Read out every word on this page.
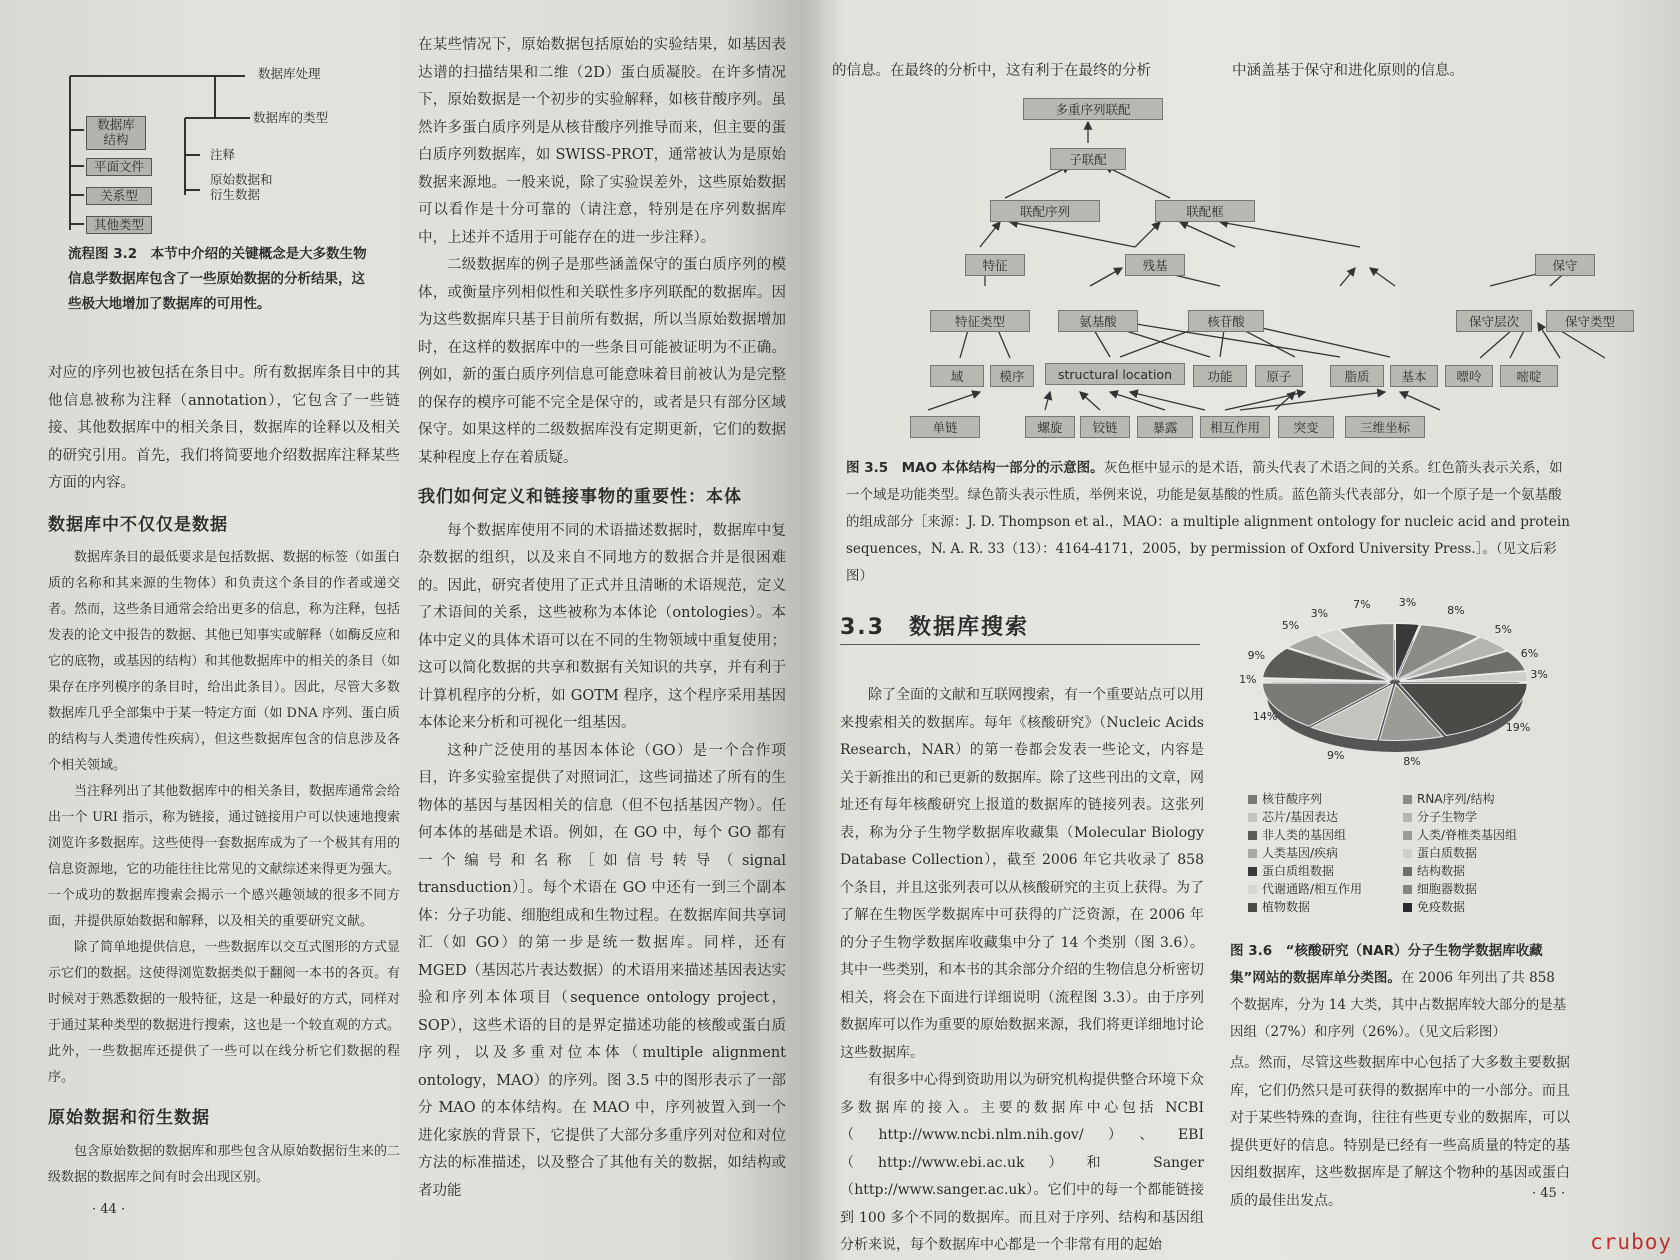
数据库处理
数据库的类型
数据库
结构
平面文件
关系型
其他类型
注释
原始数据和
衍生数据
流程图 3.2　本节中介绍的关键概念是大多数生物信息学数据库包含了一些原始数据的分析结果，这些极大地增加了数据库的可用性。

对应的序列也被包括在条目中。所有数据库条目中的其他信息被称为注释（annotation），它包含了一些链接、其他数据库中的相关条目，数据库的诠释以及相关的研究引用。首先，我们将简要地介绍数据库注释某些方面的内容。

数据库中不仅仅是数据

数据库条目的最低要求是包括数据、数据的标签（如蛋白质的名称和其来源的生物体）和负责这个条目的作者或递交者。然而，这些条目通常会给出更多的信息，称为注释，包括发表的论文中报告的数据、其他已知事实或解释（如酶反应和它的底物，或基因的结构）和其他数据库中的相关的条目（如果存在序列模序的条目时，给出此条目）。因此，尽管大多数数据库几乎全部集中于某一特定方面（如 DNA 序列、蛋白质的结构与人类遗传性疾病），但这些数据库包含的信息涉及各个相关领域。

当注释列出了其他数据库中的相关条目，数据库通常会给出一个 URI 指示，称为链接，通过链接用户可以快速地搜索浏览许多数据库。这些使得一套数据库成为了一个极其有用的信息资源地，它的功能往往比常见的文献综述来得更为强大。一个成功的数据库搜索会揭示一个感兴趣领域的很多不同方面，并提供原始数据和解释，以及相关的重要研究文献。

除了简单地提供信息，一些数据库以交互式图形的方式显示它们的数据。这使得浏览数据类似于翻阅一本书的各页。有时候对于熟悉数据的一般特征，这是一种最好的方式，同样对于通过某种类型的数据进行搜索，这也是一个较直观的方式。此外，一些数据库还提供了一些可以在线分析它们数据的程序。

原始数据和衍生数据

包含原始数据的数据库和那些包含从原始数据衍生来的二级数据的数据库之间有时会出现区别。

· 44 ·

在某些情况下，原始数据包括原始的实验结果，如基因表达谱的扫描结果和二维（2D）蛋白质凝胶。在许多情况下，原始数据是一个初步的实验解释，如核苷酸序列。虽然许多蛋白质序列是从核苷酸序列推导而来，但主要的蛋白质序列数据库，如 SWISS-PROT，通常被认为是原始数据来源地。一般来说，除了实验误差外，这些原始数据可以看作是十分可靠的（请注意，特别是在序列数据库中，上述并不适用于可能存在的进一步注释）。

二级数据库的例子是那些涵盖保守的蛋白质序列的模体，或衡量序列相似性和关联性多序列联配的数据库。因为这些数据库只基于目前所有数据，所以当原始数据增加时，在这样的数据库中的一些条目可能被证明为不正确。例如，新的蛋白质序列信息可能意味着目前被认为是完整的保存的模序可能不完全是保守的，或者是只有部分区域保守。如果这样的二级数据库没有定期更新，它们的数据某种程度上存在着质疑。

我们如何定义和链接事物的重要性：本体

每个数据库使用不同的术语描述数据时，数据库中复杂数据的组织，以及来自不同地方的数据合并是很困难的。因此，研究者使用了正式并且清晰的术语规范，定义了术语间的关系，这些被称为本体论（ontologies）。本体中定义的具体术语可以在不同的生物领域中重复使用；这可以简化数据的共享和数据有关知识的共享，并有利于计算机程序的分析，如 GOTM 程序，这个程序采用基因本体论来分析和可视化一组基因。

这种广泛使用的基因本体论（GO）是一个合作项目，许多实验室提供了对照词汇，这些词描述了所有的生物体的基因与基因相关的信息（但不包括基因产物）。任何本体的基础是术语。例如，在 GO 中，每个 GO 都有一个编号和名称［如信号转导（signal transduction）］。每个术语在 GO 中还有一到三个副本体：分子功能、细胞组成和生物过程。在数据库间共享词汇（如 GO）的第一步是统一数据库。同样，还有 MGED（基因芯片表达数据）的术语用来描述基因表达实验和序列本体项目（sequence ontology project，SOP），这些术语的目的是界定描述功能的核酸或蛋白质序列，以及多重对位本体（multiple alignment ontology，MAO）的序列。图 3.5 中的图形表示了一部分 MAO 的本体结构。在 MAO 中，序列被置入到一个进化家族的背景下，它提供了大部分多重序列对位和对位方法的标准描述，以及整合了其他有关的数据，如结构或者功能

的信息。在最终的分析中，这有利于在最终的分析	中涵盖基于保守和进化原则的信息。
多重序列联配
子联配
联配序列	联配框
特征	残基	保守
特征类型	氨基酸	核苷酸	保守层次	保守类型
域	模序	structural location	功能	原子	脂质	基本	嘌呤	嘧啶
单链	螺旋	铰链	暴露	相互作用	突变	三维坐标
图 3.5　MAO 本体结构一部分的示意图。灰色框中显示的是术语，箭头代表了术语之间的关系。红色箭头表示关系，如一个域是功能类型。绿色箭头表示性质，举例来说，功能是氨基酸的性质。蓝色箭头代表部分，如一个原子是一个氨基酸的组成部分［来源：J. D. Thompson et al.，MAO：a multiple alignment ontology for nucleic acid and protein sequences，N. A. R. 33（13）：4164-4171，2005，by permission of Oxford University Press.］。（见文后彩图）
3.3　数据库搜索

除了全面的文献和互联网搜索，有一个重要站点可以用来搜索相关的数据库。每年《核酸研究》（Nucleic Acids Research，NAR）的第一卷都会发表一些论文，内容是关于新推出的和已更新的数据库。除了这些刊出的文章，网址还有每年核酸研究上报道的数据库的链接列表。这张列表，称为分子生物学数据库收藏集（Molecular Biology Database Collection），截至 2006 年它共收录了 858 个条目，并且这张列表可以从核酸研究的主页上获得。为了了解在生物医学数据库中可获得的广泛资源，在 2006 年的分子生物学数据库收藏集中分了 14 个类别（图 3.6）。其中一些类别，和本书的其余部分介绍的生物信息分析密切相关，将会在下面进行详细说明（流程图 3.3）。由于序列数据库可以作为重要的原始数据来源，我们将更详细地讨论这些数据库。

有很多中心得到资助用以为研究机构提供整合环境下众多数据库的接入。主要的数据库中心包括 NCBI（http://www.ncbi.nlm.nih.gov/）、EBI（http://www.ebi.ac.uk）和 Sanger（http://www.sanger.ac.uk）。它们中的每一个都能链接到 100 多个不同的数据库。而且对于序列、结构和基因组分析来说，每个数据库中心都是一个非常有用的起始

核苷酸序列	RNA序列/结构
芯片/基因表达	分子生物学
非人类的基因组	人类/脊椎类基因组
人类基因/疾病	蛋白质数据
蛋白质组数据	结构数据
代谢通路/相互作用	细胞器数据
植物数据	免疫数据
图 3.6　“核酸研究（NAR）分子生物学数据库收藏集”网站的数据库单分类图。在 2006 年列出了共 858 个数据库，分为 14 大类，其中占数据库较大部分的是基因组（27%）和序列（26%）。（见文后彩图）

点。然而，尽管这些数据库中心包括了大多数主要数据库，它们仍然只是可获得的数据库中的一小部分。而且对于某些特殊的查询，往往有些更专业的数据库，可以提供更好的信息。特别是已经有一些高质量的特定的基因组数据库，这些数据库是了解这个物种的基因或蛋白质的最佳出发点。	· 45 ·
3%
8%
5%
6%
3%
19%
8%
9%
14%
1%
9%
5%
3%
7%
cruboy
